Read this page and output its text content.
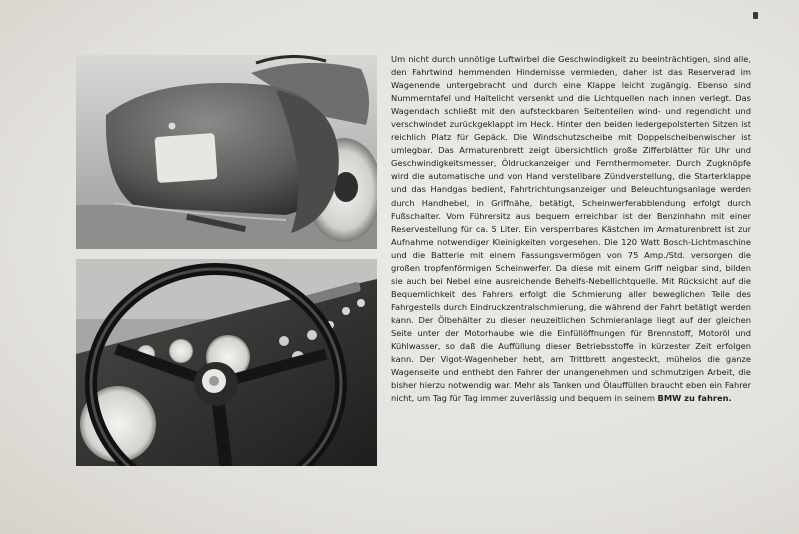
Um nicht durch unnötige Luftwirbel die Geschwindigkeit zu beeinträchtigen, sind alle, den Fahrtwind hemmenden Hindernisse vermieden, daher ist das Reserverad im Wagenende untergebracht und durch eine Klappe leicht zugängig. Ebenso sind Nummerntafel und Haltelicht versenkt und die Lichtquellen nach innen verlegt. Das Wagendach schließt mit den aufsteckbaren Seitenteilen wind- und regendicht und verschwindet zurückgeklappt im Heck. Hinter den beiden ledergepolsterten Sitzen ist reichlich Platz für Gepäck. Die Windschutzscheibe mit Doppelscheibenwischer ist umlegbar. Das Armaturenbrett zeigt übersichtlich große Zifferblätter für Uhr und Geschwindigkeitsmesser, Öldruckanzeiger und Fernthermometer. Durch Zugknöpfe wird die automatische und von Hand verstellbare Zündverstellung, die Starterklappe und das Handgas bedient, Fahrtrichtungsanzeiger und Beleuchtungsanlage werden durch Handhebel, in Griffnähe, betätigt, Scheinwerferabblendung erfolgt durch Fußschalter. Vom Führersitz aus bequem erreichbar ist der Benzinhahn mit einer Reservestellung für ca. 5 Liter. Ein versperrbares Kästchen im Armaturenbrett ist zur Aufnahme notwendiger Kleinigkeiten vorgesehen. Die 120 Watt Bosch-Lichtmaschine und die Batterie mit einem Fassungsvermögen von 75 Amp./Std. versorgen die großen tropfenförmigen Scheinwerfer. Da diese mit einem Griff neigbar sind, bilden sie auch bei Nebel eine ausreichende Behelfs-Nebellichtquelle. Mit Rücksicht auf die Bequemlichkeit des Fahrers erfolgt die Schmierung aller beweglichen Teile des Fahrgestells durch Eindruckzentralschmierung, die während der Fahrt betätigt werden kann. Der Ölbehälter zu dieser neuzeitlichen Schmieranlage liegt auf der gleichen Seite unter der Motorhaube wie die Einfüllöffnungen für Brennstoff, Motoröl und Kühlwasser, so daß die Auffüllung dieser Betriebsstoffe in kürzester Zeit erfolgen kann. Der Vigot-Wagenheber hebt, am Trittbrett angesteckt, mühelos die ganze Wagenseite und enthebt den Fahrer der unangenehmen und schmutzigen Arbeit, die bisher hierzu notwendig war. Mehr als Tanken und Ölauffüllen braucht eben ein Fahrer nicht, um Tag für Tag immer zuverlässig und bequem in seinem BMW zu fahren.
